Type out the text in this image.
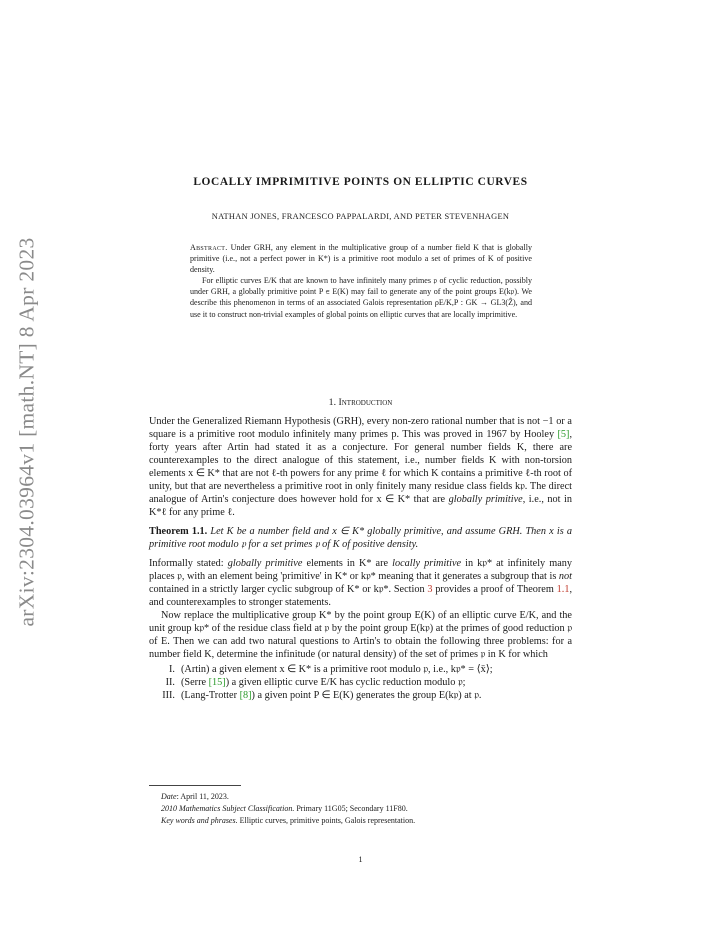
arXiv:2304.03964v1 [math.NT] 8 Apr 2023
LOCALLY IMPRIMITIVE POINTS ON ELLIPTIC CURVES
NATHAN JONES, FRANCESCO PAPPALARDI, AND PETER STEVENHAGEN

Abstract. Under GRH, any element in the multiplicative group of a number field K that is globally primitive (i.e., not a perfect power in K*) is a primitive root modulo a set of primes of K of positive density.

For elliptic curves E/K that are known to have infinitely many primes 𝔭 of cyclic reduction, possibly under GRH, a globally primitive point P ∈ E(K) may fail to generate any of the point groups E(k𝔭). We describe this phenomenon in terms of an associated Galois representation ρE/K,P : GK → GL3(Ẑ), and use it to construct non-trivial examples of global points on elliptic curves that are locally imprimitive.

1. Introduction

Under the Generalized Riemann Hypothesis (GRH), every non-zero rational number that is not −1 or a square is a primitive root modulo infinitely many primes p. This was proved in 1967 by Hooley [5], forty years after Artin had stated it as a conjecture. For general number fields K, there are counterexamples to the direct analogue of this statement, i.e., number fields K with non-torsion elements x ∈ K* that are not ℓ-th powers for any prime ℓ for which K contains a primitive ℓ-th root of unity, but that are nevertheless a primitive root in only finitely many residue class fields k𝔭. The direct analogue of Artin's conjecture does however hold for x ∈ K* that are globally primitive, i.e., not in K*ℓ for any prime ℓ.

Theorem 1.1. Let K be a number field and x ∈ K* globally primitive, and assume GRH. Then x is a primitive root modulo 𝔭 for a set primes 𝔭 of K of positive density.

Informally stated: globally primitive elements in K* are locally primitive in k𝔭* at infinitely many places 𝔭, with an element being 'primitive' in K* or k𝔭* meaning that it generates a subgroup that is not contained in a strictly larger cyclic subgroup of K* or k𝔭*. Section 3 provides a proof of Theorem 1.1, and counterexamples to stronger statements.

Now replace the multiplicative group K* by the point group E(K) of an elliptic curve E/K, and the unit group k𝔭* of the residue class field at 𝔭 by the point group E(k𝔭) at the primes of good reduction 𝔭 of E. Then we can add two natural questions to Artin's to obtain the following three problems: for a number field K, determine the infinitude (or natural density) of the set of primes 𝔭 in K for which

I. (Artin) a given element x ∈ K* is a primitive root modulo 𝔭, i.e., k𝔭* = ⟨x̄⟩;
II. (Serre [15]) a given elliptic curve E/K has cyclic reduction modulo 𝔭;
III. (Lang-Trotter [8]) a given point P ∈ E(K) generates the group E(k𝔭) at 𝔭.

Date: April 11, 2023.

2010 Mathematics Subject Classification. Primary 11G05; Secondary 11F80.

Key words and phrases. Elliptic curves, primitive points, Galois representation.

1
